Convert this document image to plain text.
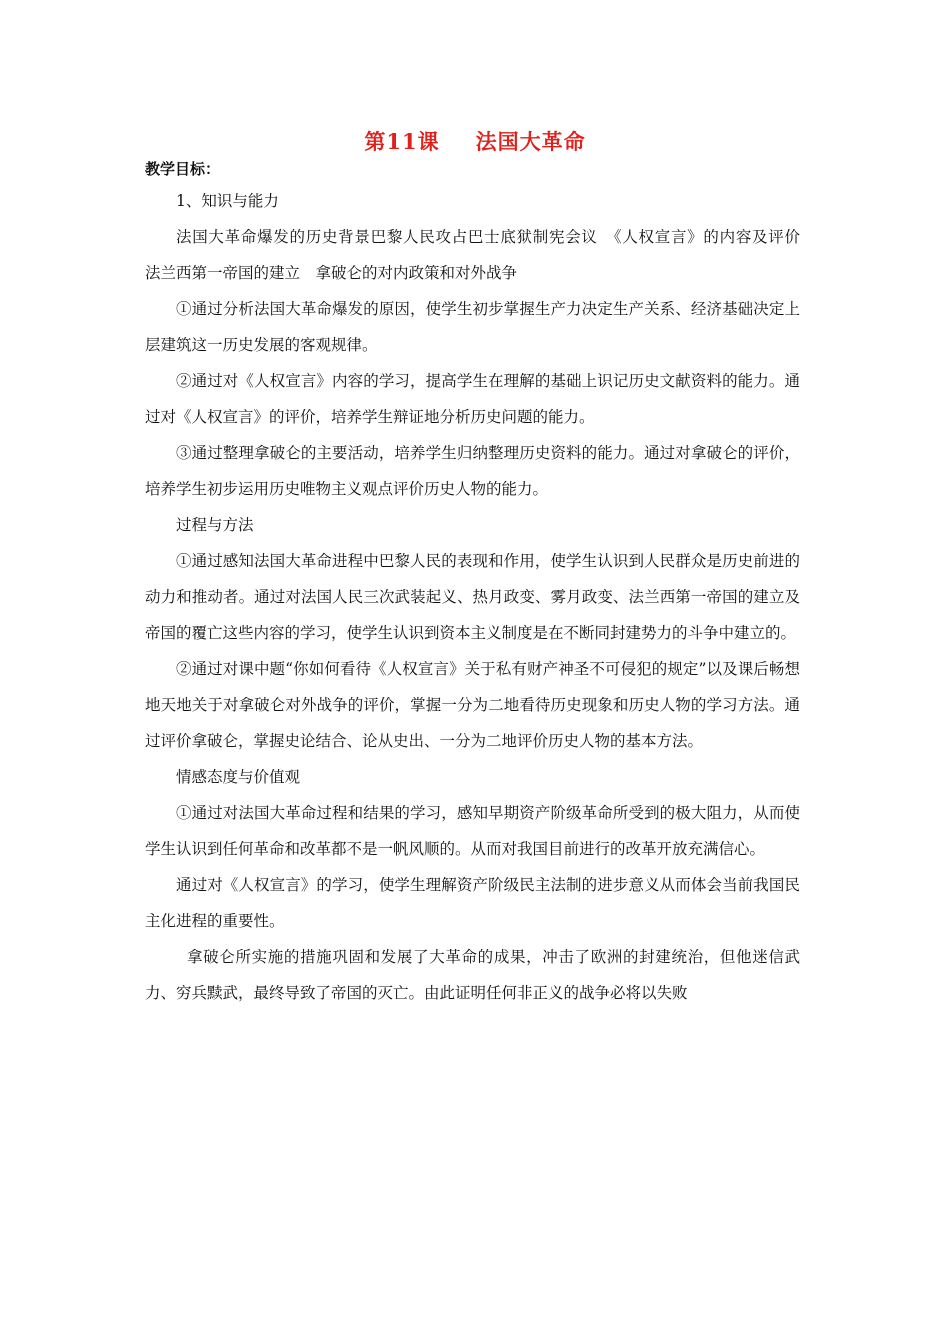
第11课 法国大革命
教学目标：

1、知识与能力

法国大革命爆发的历史背景巴黎人民攻占巴士底狱制宪会议　《人权宣言》的内容及评价　法兰西第一帝国的建立　拿破仑的对内政策和对外战争

①通过分析法国大革命爆发的原因，使学生初步掌握生产力决定生产关系、经济基础决定上层建筑这一历史发展的客观规律。

②通过对《人权宣言》内容的学习，提高学生在理解的基础上识记历史文献资料的能力。通过对《人权宣言》的评价，培养学生辩证地分析历史问题的能力。

③通过整理拿破仑的主要活动，培养学生归纳整理历史资料的能力。通过对拿破仑的评价，培养学生初步运用历史唯物主义观点评价历史人物的能力。

过程与方法

①通过感知法国大革命进程中巴黎人民的表现和作用，使学生认识到人民群众是历史前进的动力和推动者。通过对法国人民三次武装起义、热月政变、雾月政变、法兰西第一帝国的建立及帝国的覆亡这些内容的学习，使学生认识到资本主义制度是在不断同封建势力的斗争中建立的。

②通过对课中题“你如何看待《人权宣言》关于私有财产神圣不可侵犯的规定”以及课后畅想地天地关于对拿破仑对外战争的评价，掌握一分为二地看待历史现象和历史人物的学习方法。通过评价拿破仑，掌握史论结合、论从史出、一分为二地评价历史人物的基本方法。

情感态度与价值观

①通过对法国大革命过程和结果的学习，感知早期资产阶级革命所受到的极大阻力，从而使学生认识到任何革命和改革都不是一帆风顺的。从而对我国目前进行的改革开放充满信心。

通过对《人权宣言》的学习，使学生理解资产阶级民主法制的进步意义从而体会当前我国民主化进程的重要性。

拿破仑所实施的措施巩固和发展了大革命的成果，冲击了欧洲的封建统治，但他迷信武力、穷兵黩武，最终导致了帝国的灭亡。由此证明任何非正义的战争必将以失败
